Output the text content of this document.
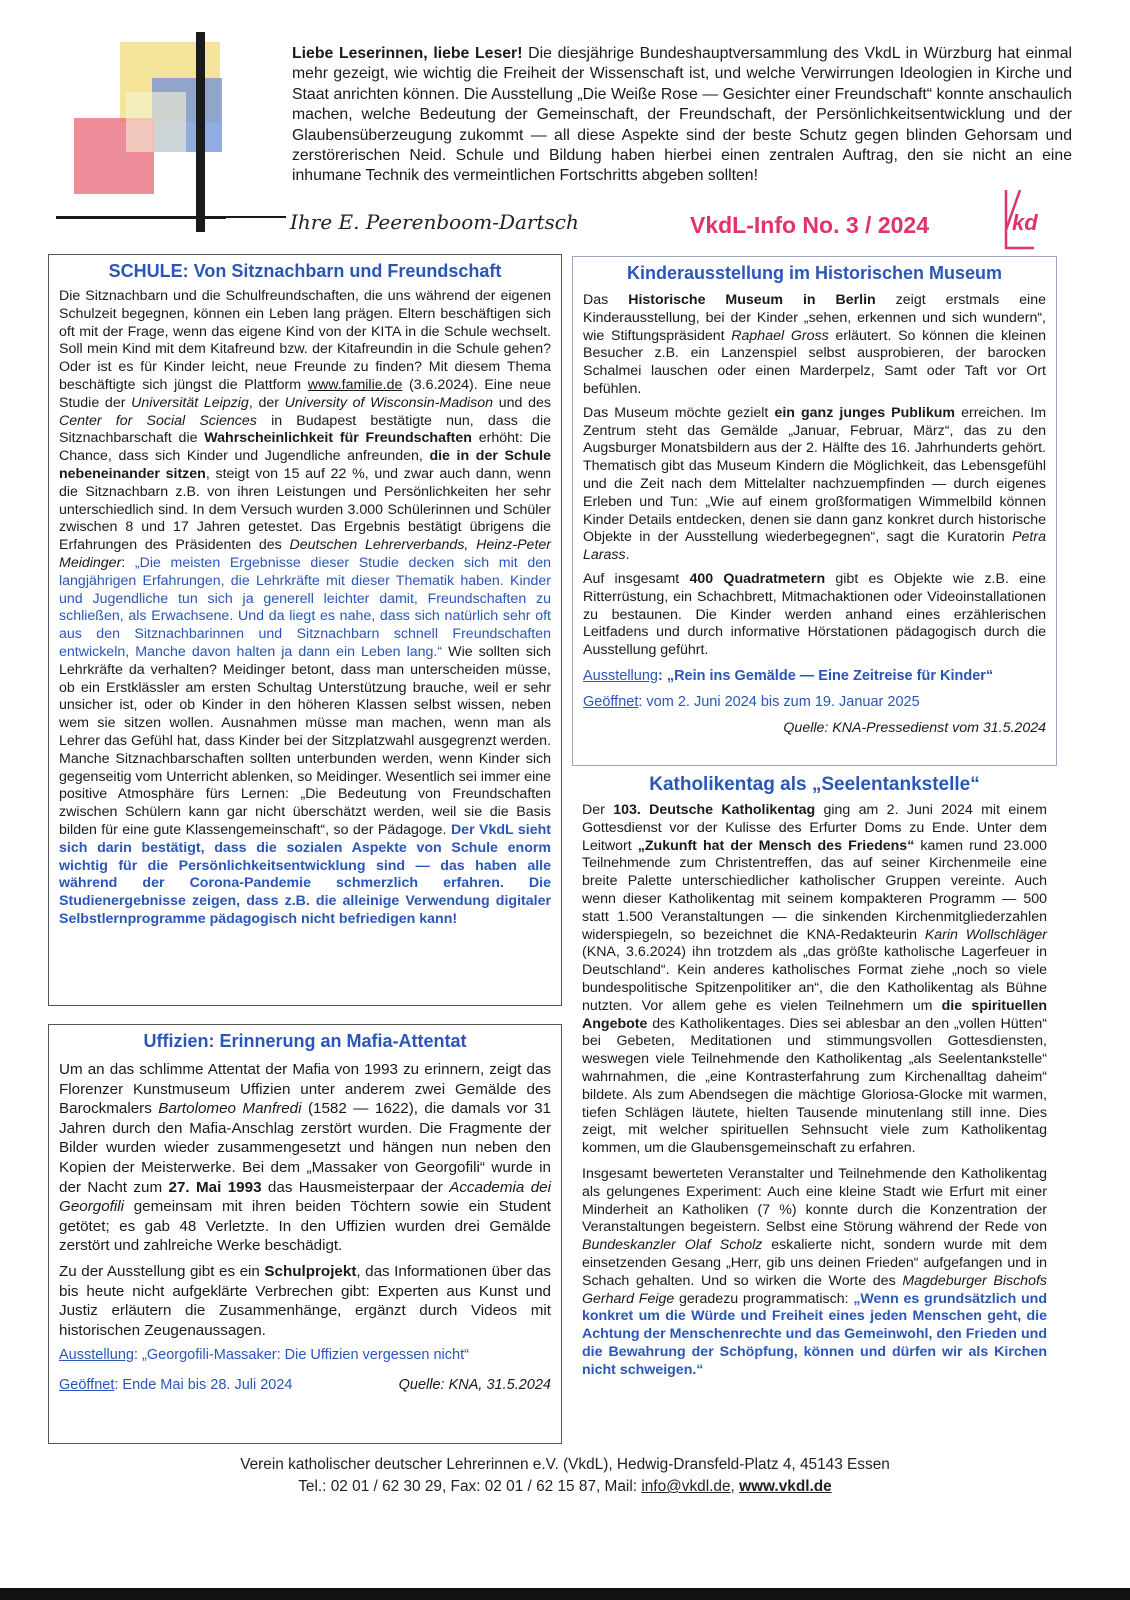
Liebe Leserinnen, liebe Leser! Die diesjährige Bundeshauptversammlung des VkdL in Würzburg hat einmal mehr gezeigt, wie wichtig die Freiheit der Wissenschaft ist, und welche Verwirrungen Ideologien in Kirche und Staat anrichten können. Die Ausstellung „Die Weiße Rose — Gesichter einer Freundschaft“ konnte anschaulich machen, welche Bedeutung der Gemeinschaft, der Freundschaft, der Persönlichkeitsentwicklung und der Glaubensüberzeugung zukommt — all diese Aspekte sind der beste Schutz gegen blinden Gehorsam und zerstörerischen Neid. Schule und Bildung haben hierbei einen zentralen Auftrag, den sie nicht an eine inhumane Technik des vermeintlichen Fortschritts abgeben sollten!
Ihre E. Peerenboom-Dartsch	VkdL-Info No. 3 / 2024	kd
SCHULE: Von Sitznachbarn und Freundschaft
Die Sitznachbarn und die Schulfreundschaften, die uns während der eigenen Schulzeit begegnen, können ein Leben lang prägen. Eltern beschäftigen sich oft mit der Frage, wenn das eigene Kind von der KITA in die Schule wechselt. Soll mein Kind mit dem Kitafreund bzw. der Kitafreundin in die Schule gehen? Oder ist es für Kinder leicht, neue Freunde zu finden? Mit diesem Thema beschäftigte sich jüngst die Plattform www.familie.de (3.6.2024). Eine neue Studie der Universität Leipzig, der University of Wisconsin-Madison und des Center for Social Sciences in Budapest bestätigte nun, dass die Sitznachbarschaft die Wahrscheinlichkeit für Freundschaften erhöht: Die Chance, dass sich Kinder und Jugendliche anfreunden, die in der Schule nebeneinander sitzen, steigt von 15 auf 22 %, und zwar auch dann, wenn die Sitznachbarn z.B. von ihren Leistungen und Persönlichkeiten her sehr unterschiedlich sind. In dem Versuch wurden 3.000 Schülerinnen und Schüler zwischen 8 und 17 Jahren getestet. Das Ergebnis bestätigt übrigens die Erfahrungen des Präsidenten des Deutschen Lehrerverbands, Heinz-Peter Meidinger: „Die meisten Ergebnisse dieser Studie decken sich mit den langjährigen Erfahrungen, die Lehrkräfte mit dieser Thematik haben. Kinder und Jugendliche tun sich ja generell leichter damit, Freundschaften zu schließen, als Erwachsene. Und da liegt es nahe, dass sich natürlich sehr oft aus den Sitznachbarinnen und Sitznachbarn schnell Freundschaften entwickeln, Manche davon halten ja dann ein Leben lang.“ Wie sollten sich Lehrkräfte da verhalten? Meidinger betont, dass man unterscheiden müsse, ob ein Erstklässler am ersten Schultag Unterstützung brauche, weil er sehr unsicher ist, oder ob Kinder in den höheren Klassen selbst wissen, neben wem sie sitzen wollen. Ausnahmen müsse man machen, wenn man als Lehrer das Gefühl hat, dass Kinder bei der Sitzplatzwahl ausgegrenzt werden. Manche Sitznachbarschaften sollten unterbunden werden, wenn Kinder sich gegenseitig vom Unterricht ablenken, so Meidinger. Wesentlich sei immer eine positive Atmosphäre fürs Lernen: „Die Bedeutung von Freundschaften zwischen Schülern kann gar nicht überschätzt werden, weil sie die Basis bilden für eine gute Klassengemeinschaft“, so der Pädagoge. Der VkdL sieht sich darin bestätigt, dass die sozialen Aspekte von Schule enorm wichtig für die Persönlichkeitsentwicklung sind — das haben alle während der Corona-Pandemie schmerzlich erfahren. Die Studienergebnisse zeigen, dass z.B. die alleinige Verwendung digitaler Selbstlernprogramme pädagogisch nicht befriedigen kann!
Uffizien: Erinnerung an Mafia-Attentat

Um an das schlimme Attentat der Mafia von 1993 zu erinnern, zeigt das Florenzer Kunstmuseum Uffizien unter anderem zwei Gemälde des Barockmalers Bartolomeo Manfredi (1582 — 1622), die damals vor 31 Jahren durch den Mafia-Anschlag zerstört wurden. Die Fragmente der Bilder wurden wieder zusammengesetzt und hängen nun neben den Kopien der Meisterwerke. Bei dem „Massaker von Georgofili“ wurde in der Nacht zum 27. Mai 1993 das Hausmeisterpaar der Accademia dei Georgofili gemeinsam mit ihren beiden Töchtern sowie ein Student getötet; es gab 48 Verletzte. In den Uffizien wurden drei Gemälde zerstört und zahlreiche Werke beschädigt.

Zu der Ausstellung gibt es ein Schulprojekt, das Informationen über das bis heute nicht aufgeklärte Verbrechen gibt: Experten aus Kunst und Justiz erläutern die Zusammenhänge, ergänzt durch Videos mit historischen Zeugenaussagen.

Ausstellung: „Georgofili-Massaker: Die Uffizien vergessen nicht“
Geöffnet: Ende Mai bis 28. Juli 2024	Quelle: KNA, 31.5.2024
Kinderausstellung im Historischen Museum

Das Historische Museum in Berlin zeigt erstmals eine Kinderausstellung, bei der Kinder „sehen, erkennen und sich wundern“, wie Stiftungspräsident Raphael Gross erläutert. So können die kleinen Besucher z.B. ein Lanzenspiel selbst ausprobieren, der barocken Schalmei lauschen oder einen Marderpelz, Samt oder Taft vor Ort befühlen.

Das Museum möchte gezielt ein ganz junges Publikum erreichen. Im Zentrum steht das Gemälde „Januar, Februar, März“, das zu den Augsburger Monatsbildern aus der 2. Hälfte des 16. Jahrhunderts gehört. Thematisch gibt das Museum Kindern die Möglichkeit, das Lebensgefühl und die Zeit nach dem Mittelalter nachzuempfinden — durch eigenes Erleben und Tun: „Wie auf einem großformatigen Wimmelbild können Kinder Details entdecken, denen sie dann ganz konkret durch historische Objekte in der Ausstellung wiederbegegnen“, sagt die Kuratorin Petra Larass.

Auf insgesamt 400 Quadratmetern gibt es Objekte wie z.B. eine Ritterrüstung, ein Schachbrett, Mitmachaktionen oder Videoinstallationen zu bestaunen. Die Kinder werden anhand eines erzählerischen Leitfadens und durch informative Hörstationen pädagogisch durch die Ausstellung geführt.

Ausstellung: „Rein ins Gemälde — Eine Zeitreise für Kinder“
Geöffnet: vom 2. Juni 2024 bis zum 19. Januar 2025
Quelle: KNA-Pressedienst vom 31.5.2024
Katholikentag als „Seelentankstelle“

Der 103. Deutsche Katholikentag ging am 2. Juni 2024 mit einem Gottesdienst vor der Kulisse des Erfurter Doms zu Ende. Unter dem Leitwort „Zukunft hat der Mensch des Friedens“ kamen rund 23.000 Teilnehmende zum Christentreffen, das auf seiner Kirchenmeile eine breite Palette unterschiedlicher katholischer Gruppen vereinte. Auch wenn dieser Katholikentag mit seinem kompakteren Programm — 500 statt 1.500 Veranstaltungen — die sinkenden Kirchenmitgliederzahlen widerspiegeln, so bezeichnet die KNA-Redakteurin Karin Wollschläger (KNA, 3.6.2024) ihn trotzdem als „das größte katholische Lagerfeuer in Deutschland“. Kein anderes katholisches Format ziehe „noch so viele bundespolitische Spitzenpolitiker an“, die den Katholikentag als Bühne nutzten. Vor allem gehe es vielen Teilnehmern um die spirituellen Angebote des Katholikentages. Dies sei ablesbar an den „vollen Hütten“ bei Gebeten, Meditationen und stimmungsvollen Gottesdiensten, weswegen viele Teilnehmende den Katholikentag „als Seelentankstelle“ wahrnahmen, die „eine Kontrasterfahrung zum Kirchenalltag daheim“ bildete. Als zum Abendsegen die mächtige Gloriosa-Glocke mit warmen, tiefen Schlägen läutete, hielten Tausende minutenlang still inne. Dies zeigt, mit welcher spirituellen Sehnsucht viele zum Katholikentag kommen, um die Glaubensgemeinschaft zu erfahren.

Insgesamt bewerteten Veranstalter und Teilnehmende den Katholikentag als gelungenes Experiment: Auch eine kleine Stadt wie Erfurt mit einer Minderheit an Katholiken (7 %) konnte durch die Konzentration der Veranstaltungen begeistern. Selbst eine Störung während der Rede von Bundeskanzler Olaf Scholz eskalierte nicht, sondern wurde mit dem einsetzenden Gesang „Herr, gib uns deinen Frieden“ aufgefangen und in Schach gehalten. Und so wirken die Worte des Magdeburger Bischofs Gerhard Feige geradezu programmatisch: „Wenn es grundsätzlich und konkret um die Würde und Freiheit eines jeden Menschen geht, die Achtung der Menschenrechte und das Gemeinwohl, den Frieden und die Bewahrung der Schöpfung, können und dürfen wir als Kirchen nicht schweigen.“

Verein katholischer deutscher Lehrerinnen e.V. (VkdL), Hedwig-Dransfeld-Platz 4, 45143 Essen
Tel.: 02 01 / 62 30 29, Fax: 02 01 / 62 15 87, Mail: info@vkdl.de, www.vkdl.de
